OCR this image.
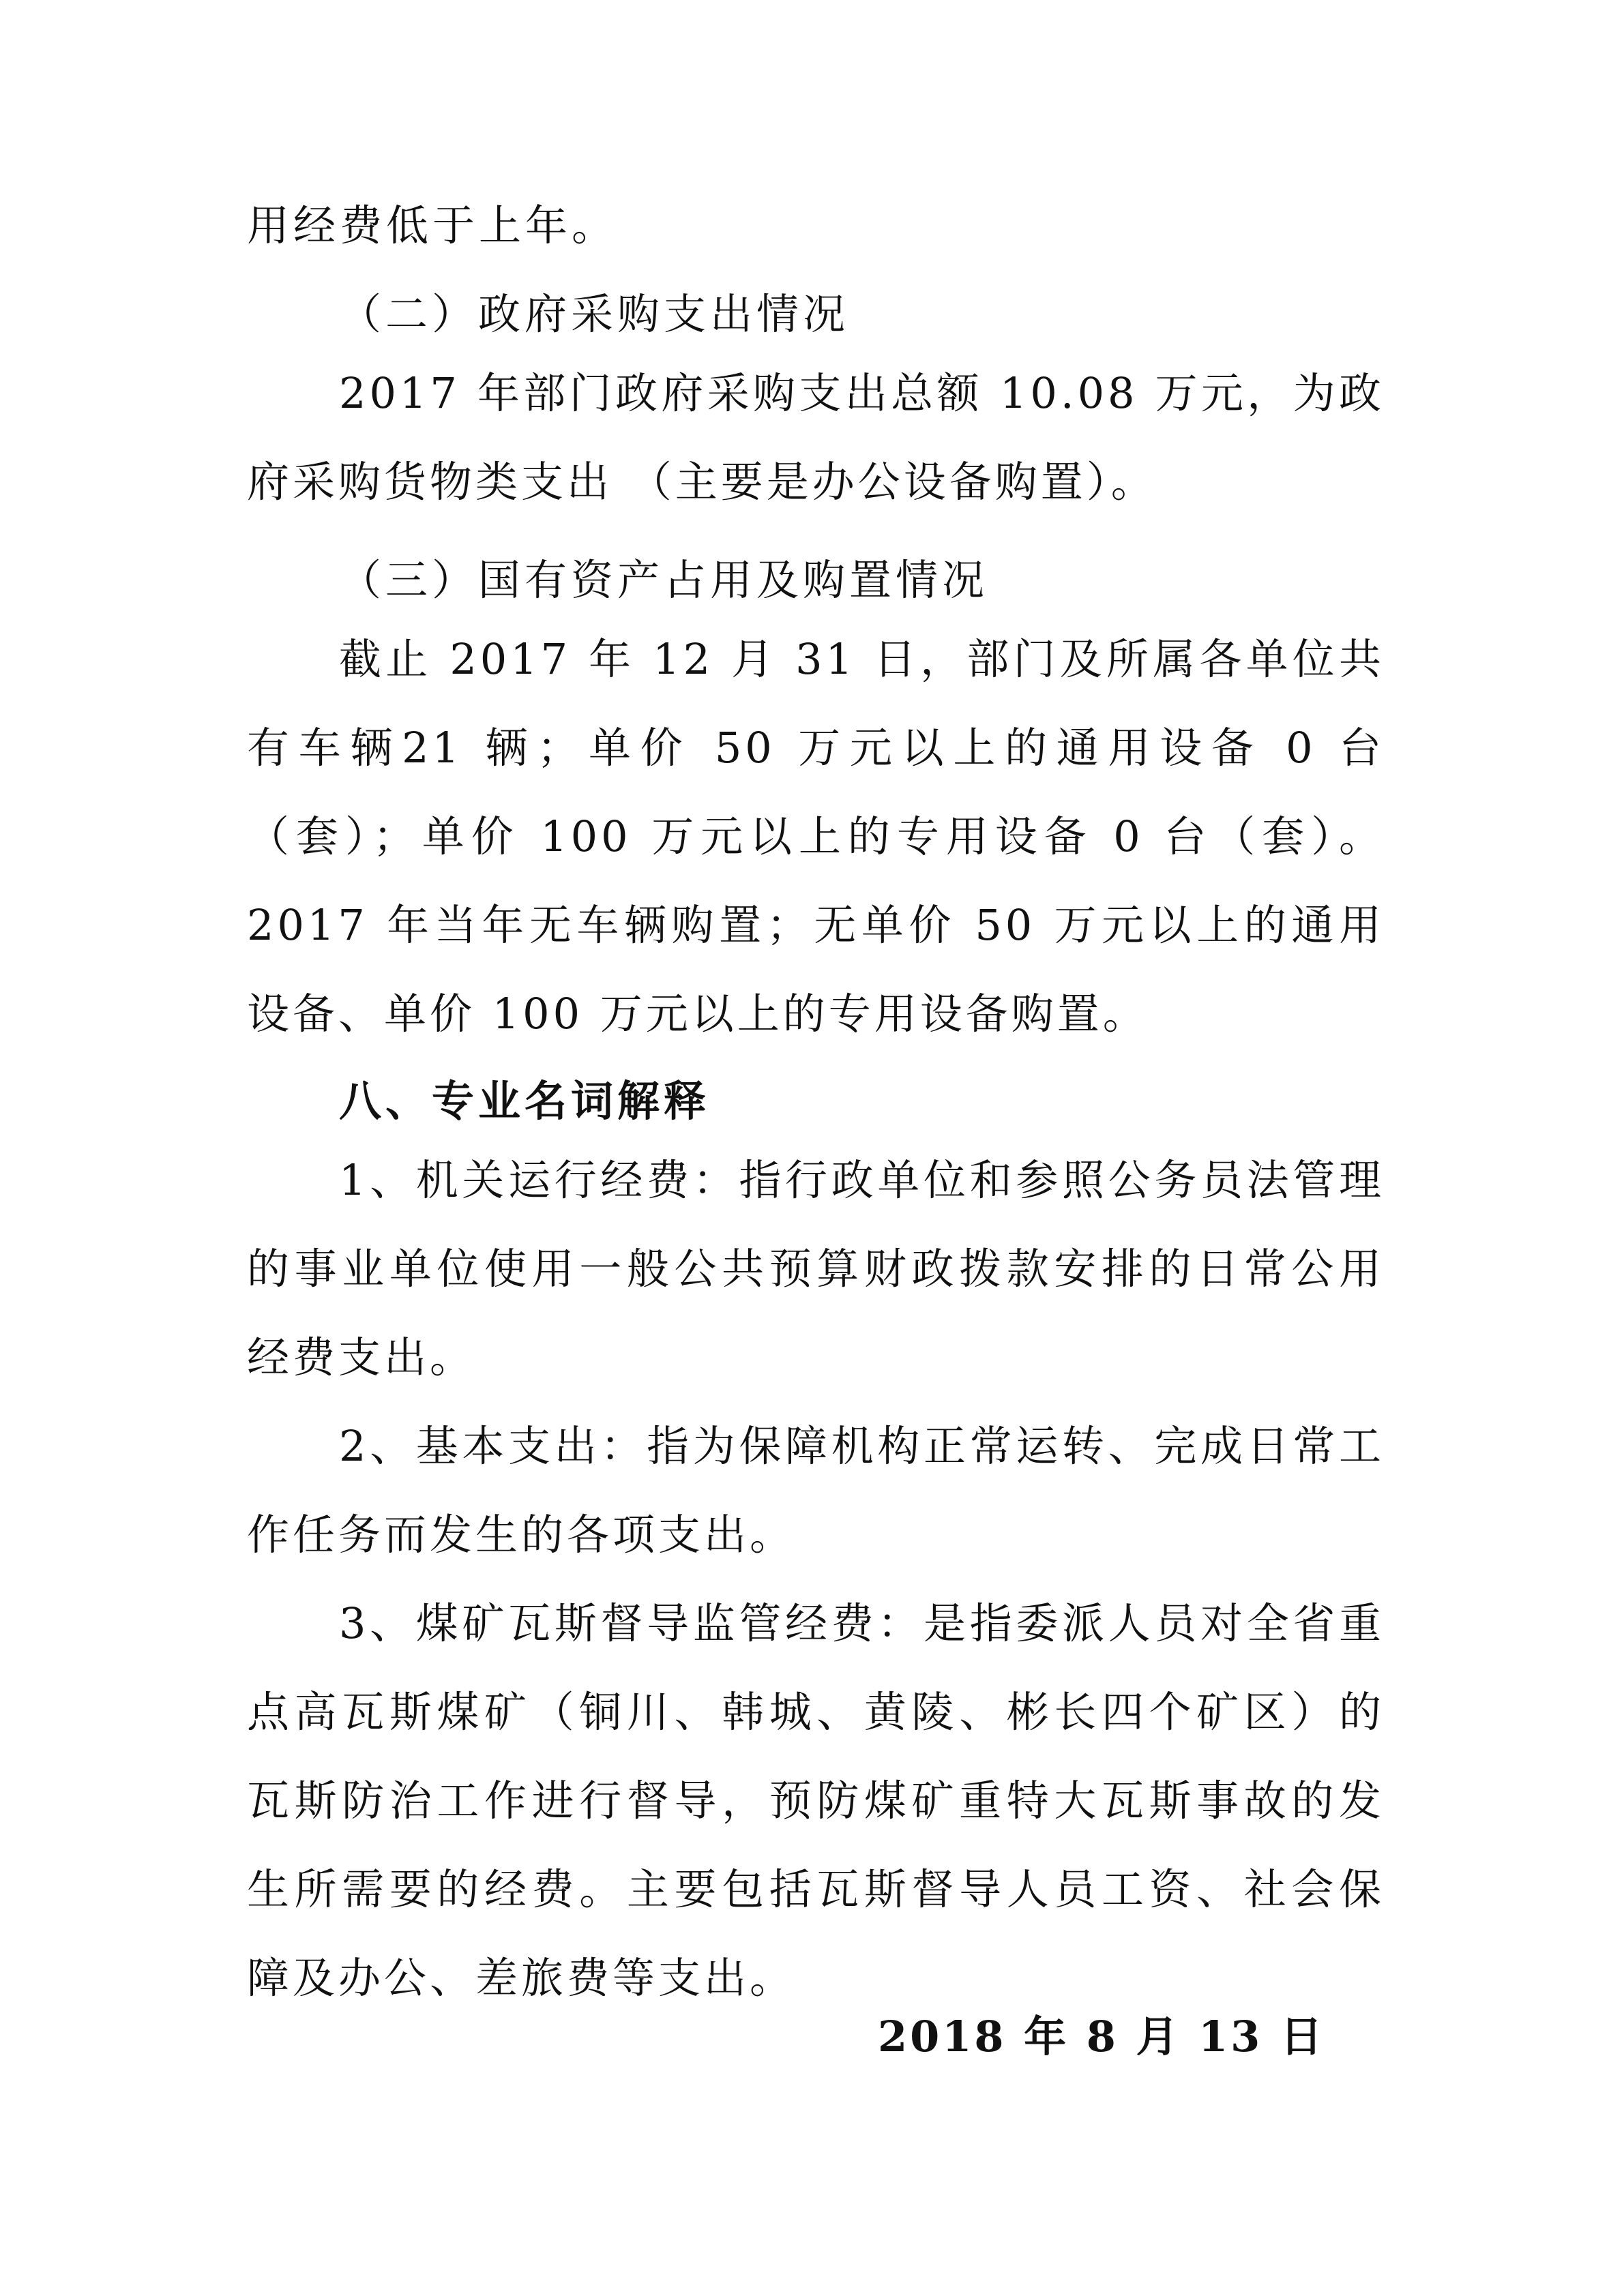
用经费低于上年。
（二）政府采购支出情况

2017 年部门政府采购支出总额 10.08 万元，为政府采购货物类支出 （主要是办公设备购置）。

（三）国有资产占用及购置情况

截止 2017 年 12 月 31 日，部门及所属各单位共有车辆21 辆；单价 50 万元以上的通用设备 0 台（套）；单价 100 万元以上的专用设备 0 台（套）。2017 年当年无车辆购置；无单价 50 万元以上的通用设备、单价 100 万元以上的专用设备购置。

八、专业名词解释

1、机关运行经费：指行政单位和参照公务员法管理的事业单位使用一般公共预算财政拨款安排的日常公用经费支出。

2、基本支出：指为保障机构正常运转、完成日常工作任务而发生的各项支出。

3、煤矿瓦斯督导监管经费：是指委派人员对全省重点高瓦斯煤矿（铜川、韩城、黄陵、彬长四个矿区）的瓦斯防治工作进行督导，预防煤矿重特大瓦斯事故的发生所需要的经费。主要包括瓦斯督导人员工资、社会保障及办公、差旅费等支出。

2018 年 8 月 13 日
